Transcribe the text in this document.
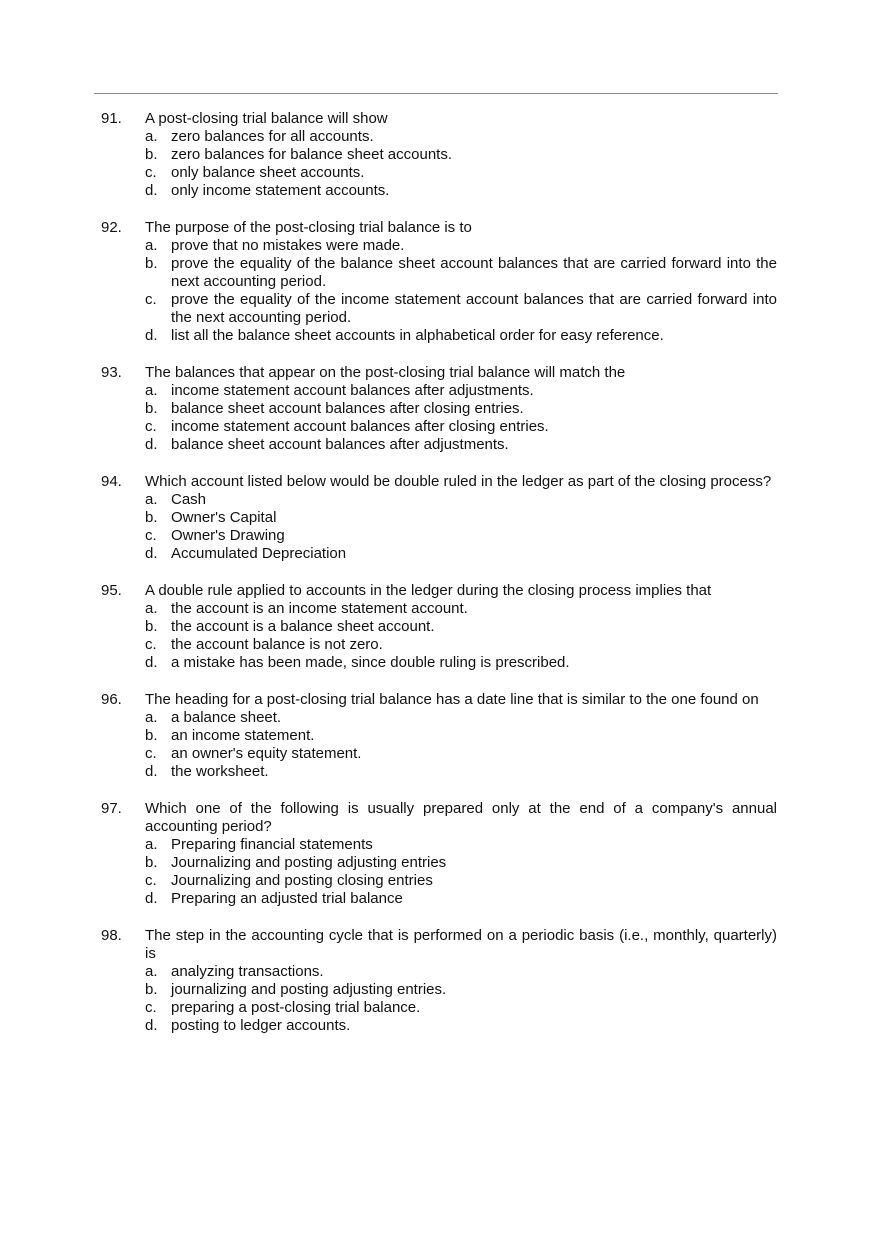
91. A post-closing trial balance will show
a. zero balances for all accounts.
b. zero balances for balance sheet accounts.
c. only balance sheet accounts.
d. only income statement accounts.
92. The purpose of the post-closing trial balance is to
a. prove that no mistakes were made.
b. prove the equality of the balance sheet account balances that are carried forward into the next accounting period.
c. prove the equality of the income statement account balances that are carried forward into the next accounting period.
d. list all the balance sheet accounts in alphabetical order for easy reference.
93. The balances that appear on the post-closing trial balance will match the
a. income statement account balances after adjustments.
b. balance sheet account balances after closing entries.
c. income statement account balances after closing entries.
d. balance sheet account balances after adjustments.
94. Which account listed below would be double ruled in the ledger as part of the closing process?
a. Cash
b. Owner's Capital
c. Owner's Drawing
d. Accumulated Depreciation
95. A double rule applied to accounts in the ledger during the closing process implies that
a. the account is an income statement account.
b. the account is a balance sheet account.
c. the account balance is not zero.
d. a mistake has been made, since double ruling is prescribed.
96. The heading for a post-closing trial balance has a date line that is similar to the one found on
a. a balance sheet.
b. an income statement.
c. an owner's equity statement.
d. the worksheet.
97. Which one of the following is usually prepared only at the end of a company's annual accounting period?
a. Preparing financial statements
b. Journalizing and posting adjusting entries
c. Journalizing and posting closing entries
d. Preparing an adjusted trial balance
98. The step in the accounting cycle that is performed on a periodic basis (i.e., monthly, quarterly) is
a. analyzing transactions.
b. journalizing and posting adjusting entries.
c. preparing a post-closing trial balance.
d. posting to ledger accounts.
